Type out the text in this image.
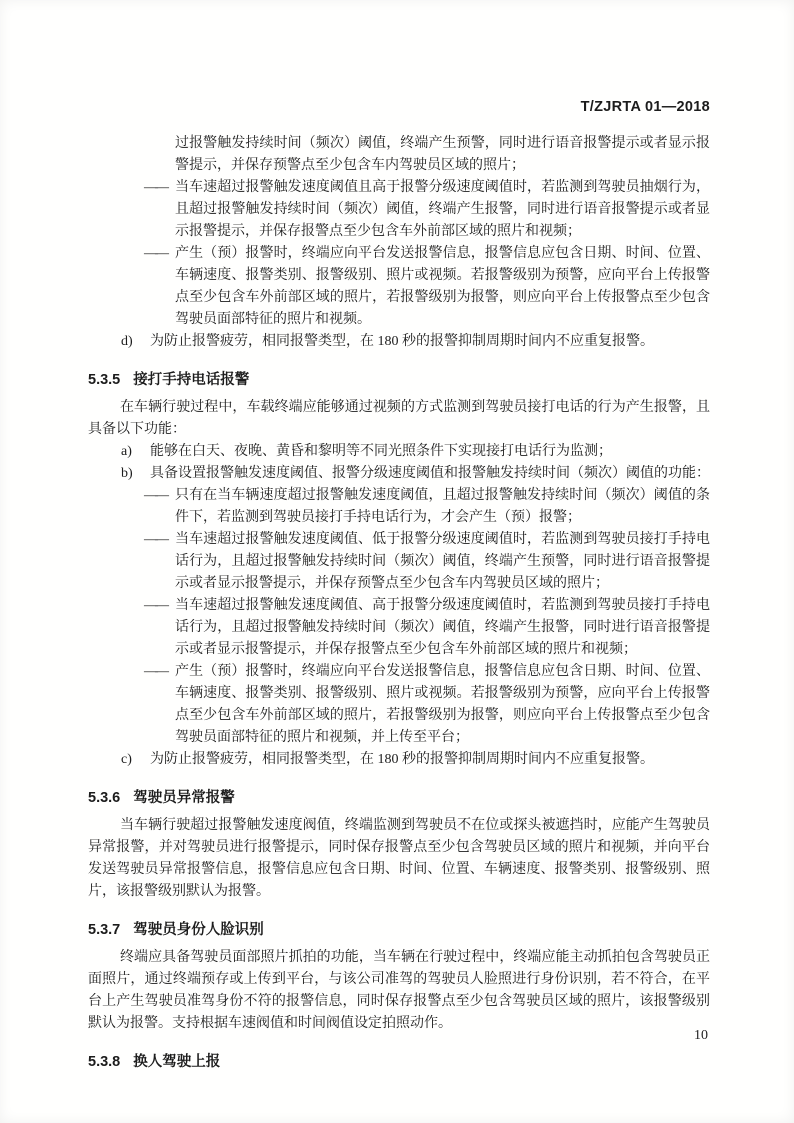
T/ZJRTA 01—2018

过报警触发持续时间（频次）阈值，终端产生预警，同时进行语音报警提示或者显示报警提示，并保存预警点至少包含车内驾驶员区域的照片；

—— 当车速超过报警触发速度阈值且高于报警分级速度阈值时，若监测到驾驶员抽烟行为，且超过报警触发持续时间（频次）阈值，终端产生报警，同时进行语音报警提示或者显示报警提示，并保存报警点至少包含车外前部区域的照片和视频；
—— 产生（预）报警时，终端应向平台发送报警信息，报警信息应包含日期、时间、位置、车辆速度、报警类别、报警级别、照片或视频。若报警级别为预警，应向平台上传报警点至少包含车外前部区域的照片，若报警级别为报警，则应向平台上传报警点至少包含驾驶员面部特征的照片和视频。
d) 为防止报警疲劳，相同报警类型，在 180 秒的报警抑制周期时间内不应重复报警。
5.3.5 接打手持电话报警

在车辆行驶过程中，车载终端应能够通过视频的方式监测到驾驶员接打电话的行为产生报警，且具备以下功能：

a) 能够在白天、夜晚、黄昏和黎明等不同光照条件下实现接打电话行为监测；
b) 具备设置报警触发速度阈值、报警分级速度阈值和报警触发持续时间（频次）阈值的功能：
—— 只有在当车辆速度超过报警触发速度阈值，且超过报警触发持续时间（频次）阈值的条件下，若监测到驾驶员接打手持电话行为，才会产生（预）报警；
—— 当车速超过报警触发速度阈值、低于报警分级速度阈值时，若监测到驾驶员接打手持电话行为，且超过报警触发持续时间（频次）阈值，终端产生预警，同时进行语音报警提示或者显示报警提示，并保存预警点至少包含车内驾驶员区域的照片；
—— 当车速超过报警触发速度阈值、高于报警分级速度阈值时，若监测到驾驶员接打手持电话行为，且超过报警触发持续时间（频次）阈值，终端产生报警，同时进行语音报警提示或者显示报警提示，并保存报警点至少包含车外前部区域的照片和视频；
—— 产生（预）报警时，终端应向平台发送报警信息，报警信息应包含日期、时间、位置、车辆速度、报警类别、报警级别、照片或视频。若报警级别为预警，应向平台上传报警点至少包含车外前部区域的照片，若报警级别为报警，则应向平台上传报警点至少包含驾驶员面部特征的照片和视频，并上传至平台；
c) 为防止报警疲劳，相同报警类型，在 180 秒的报警抑制周期时间内不应重复报警。
5.3.6 驾驶员异常报警

当车辆行驶超过报警触发速度阀值，终端监测到驾驶员不在位或探头被遮挡时，应能产生驾驶员异常报警，并对驾驶员进行报警提示，同时保存报警点至少包含驾驶员区域的照片和视频，并向平台发送驾驶员异常报警信息，报警信息应包含日期、时间、位置、车辆速度、报警类别、报警级别、照片，该报警级别默认为报警。

5.3.7 驾驶员身份人脸识别

终端应具备驾驶员面部照片抓拍的功能，当车辆在行驶过程中，终端应能主动抓拍包含驾驶员正面照片，通过终端预存或上传到平台，与该公司准驾的驾驶员人脸照进行身份识别，若不符合，在平台上产生驾驶员准驾身份不符的报警信息，同时保存报警点至少包含驾驶员区域的照片，该报警级别默认为报警。支持根据车速阀值和时间阀值设定拍照动作。

5.3.8 换人驾驶上报
10
